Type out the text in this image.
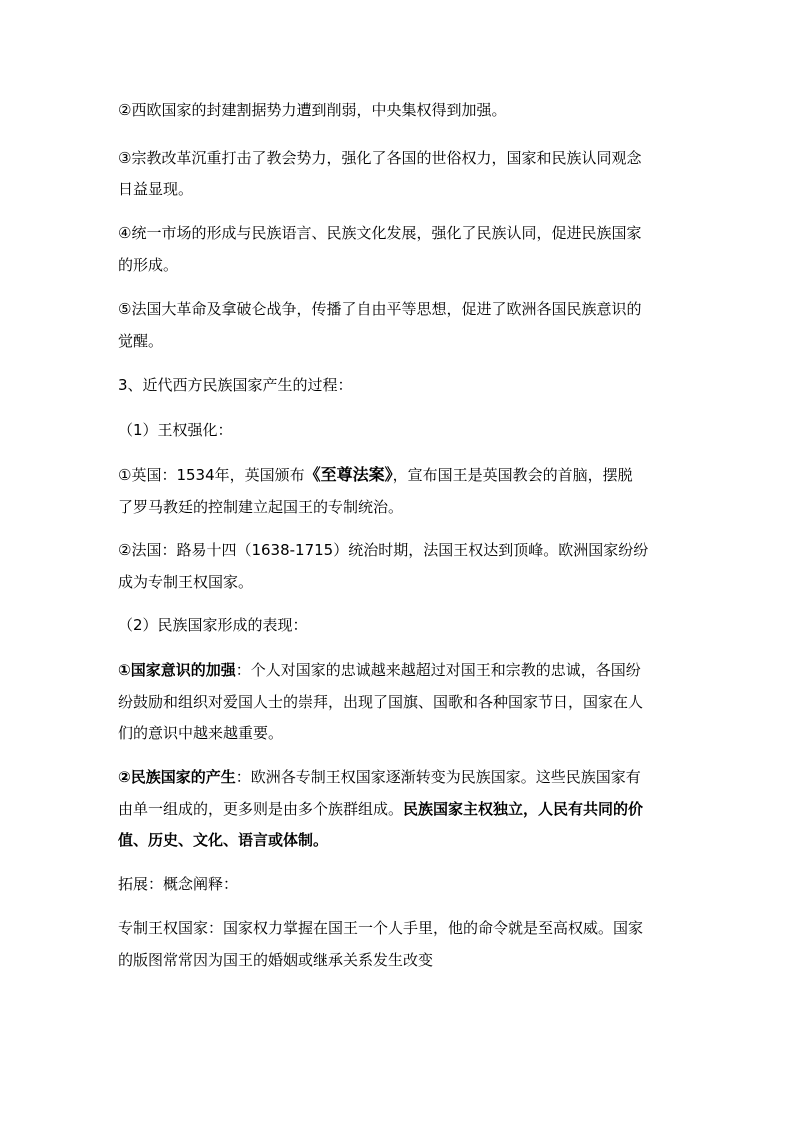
②西欧国家的封建割据势力遭到削弱，中央集权得到加强。
③宗教改革沉重打击了教会势力，强化了各国的世俗权力，国家和民族认同观念
日益显现。
④统一市场的形成与民族语言、民族文化发展，强化了民族认同，促进民族国家
的形成。
⑤法国大革命及拿破仑战争，传播了自由平等思想，促进了欧洲各国民族意识的
觉醒。
3、近代西方民族国家产生的过程：
（1）王权强化：
①英国：1534年，英国颁布《至尊法案》，宣布国王是英国教会的首脑，摆脱
了罗马教廷的控制建立起国王的专制统治。
②法国：路易十四（1638-1715）统治时期，法国王权达到顶峰。欧洲国家纷纷
成为专制王权国家。
（2）民族国家形成的表现：
①国家意识的加强：个人对国家的忠诚越来越超过对国王和宗教的忠诚，各国纷
纷鼓励和组织对爱国人士的崇拜，出现了国旗、国歌和各种国家节日，国家在人
们的意识中越来越重要。
②民族国家的产生：欧洲各专制王权国家逐渐转变为民族国家。这些民族国家有
由单一组成的，更多则是由多个族群组成。民族国家主权独立，人民有共同的价
值、历史、文化、语言或体制。
拓展：概念阐释：
专制王权国家：国家权力掌握在国王一个人手里，他的命令就是至高权威。国家
的版图常常因为国王的婚姻或继承关系发生改变
